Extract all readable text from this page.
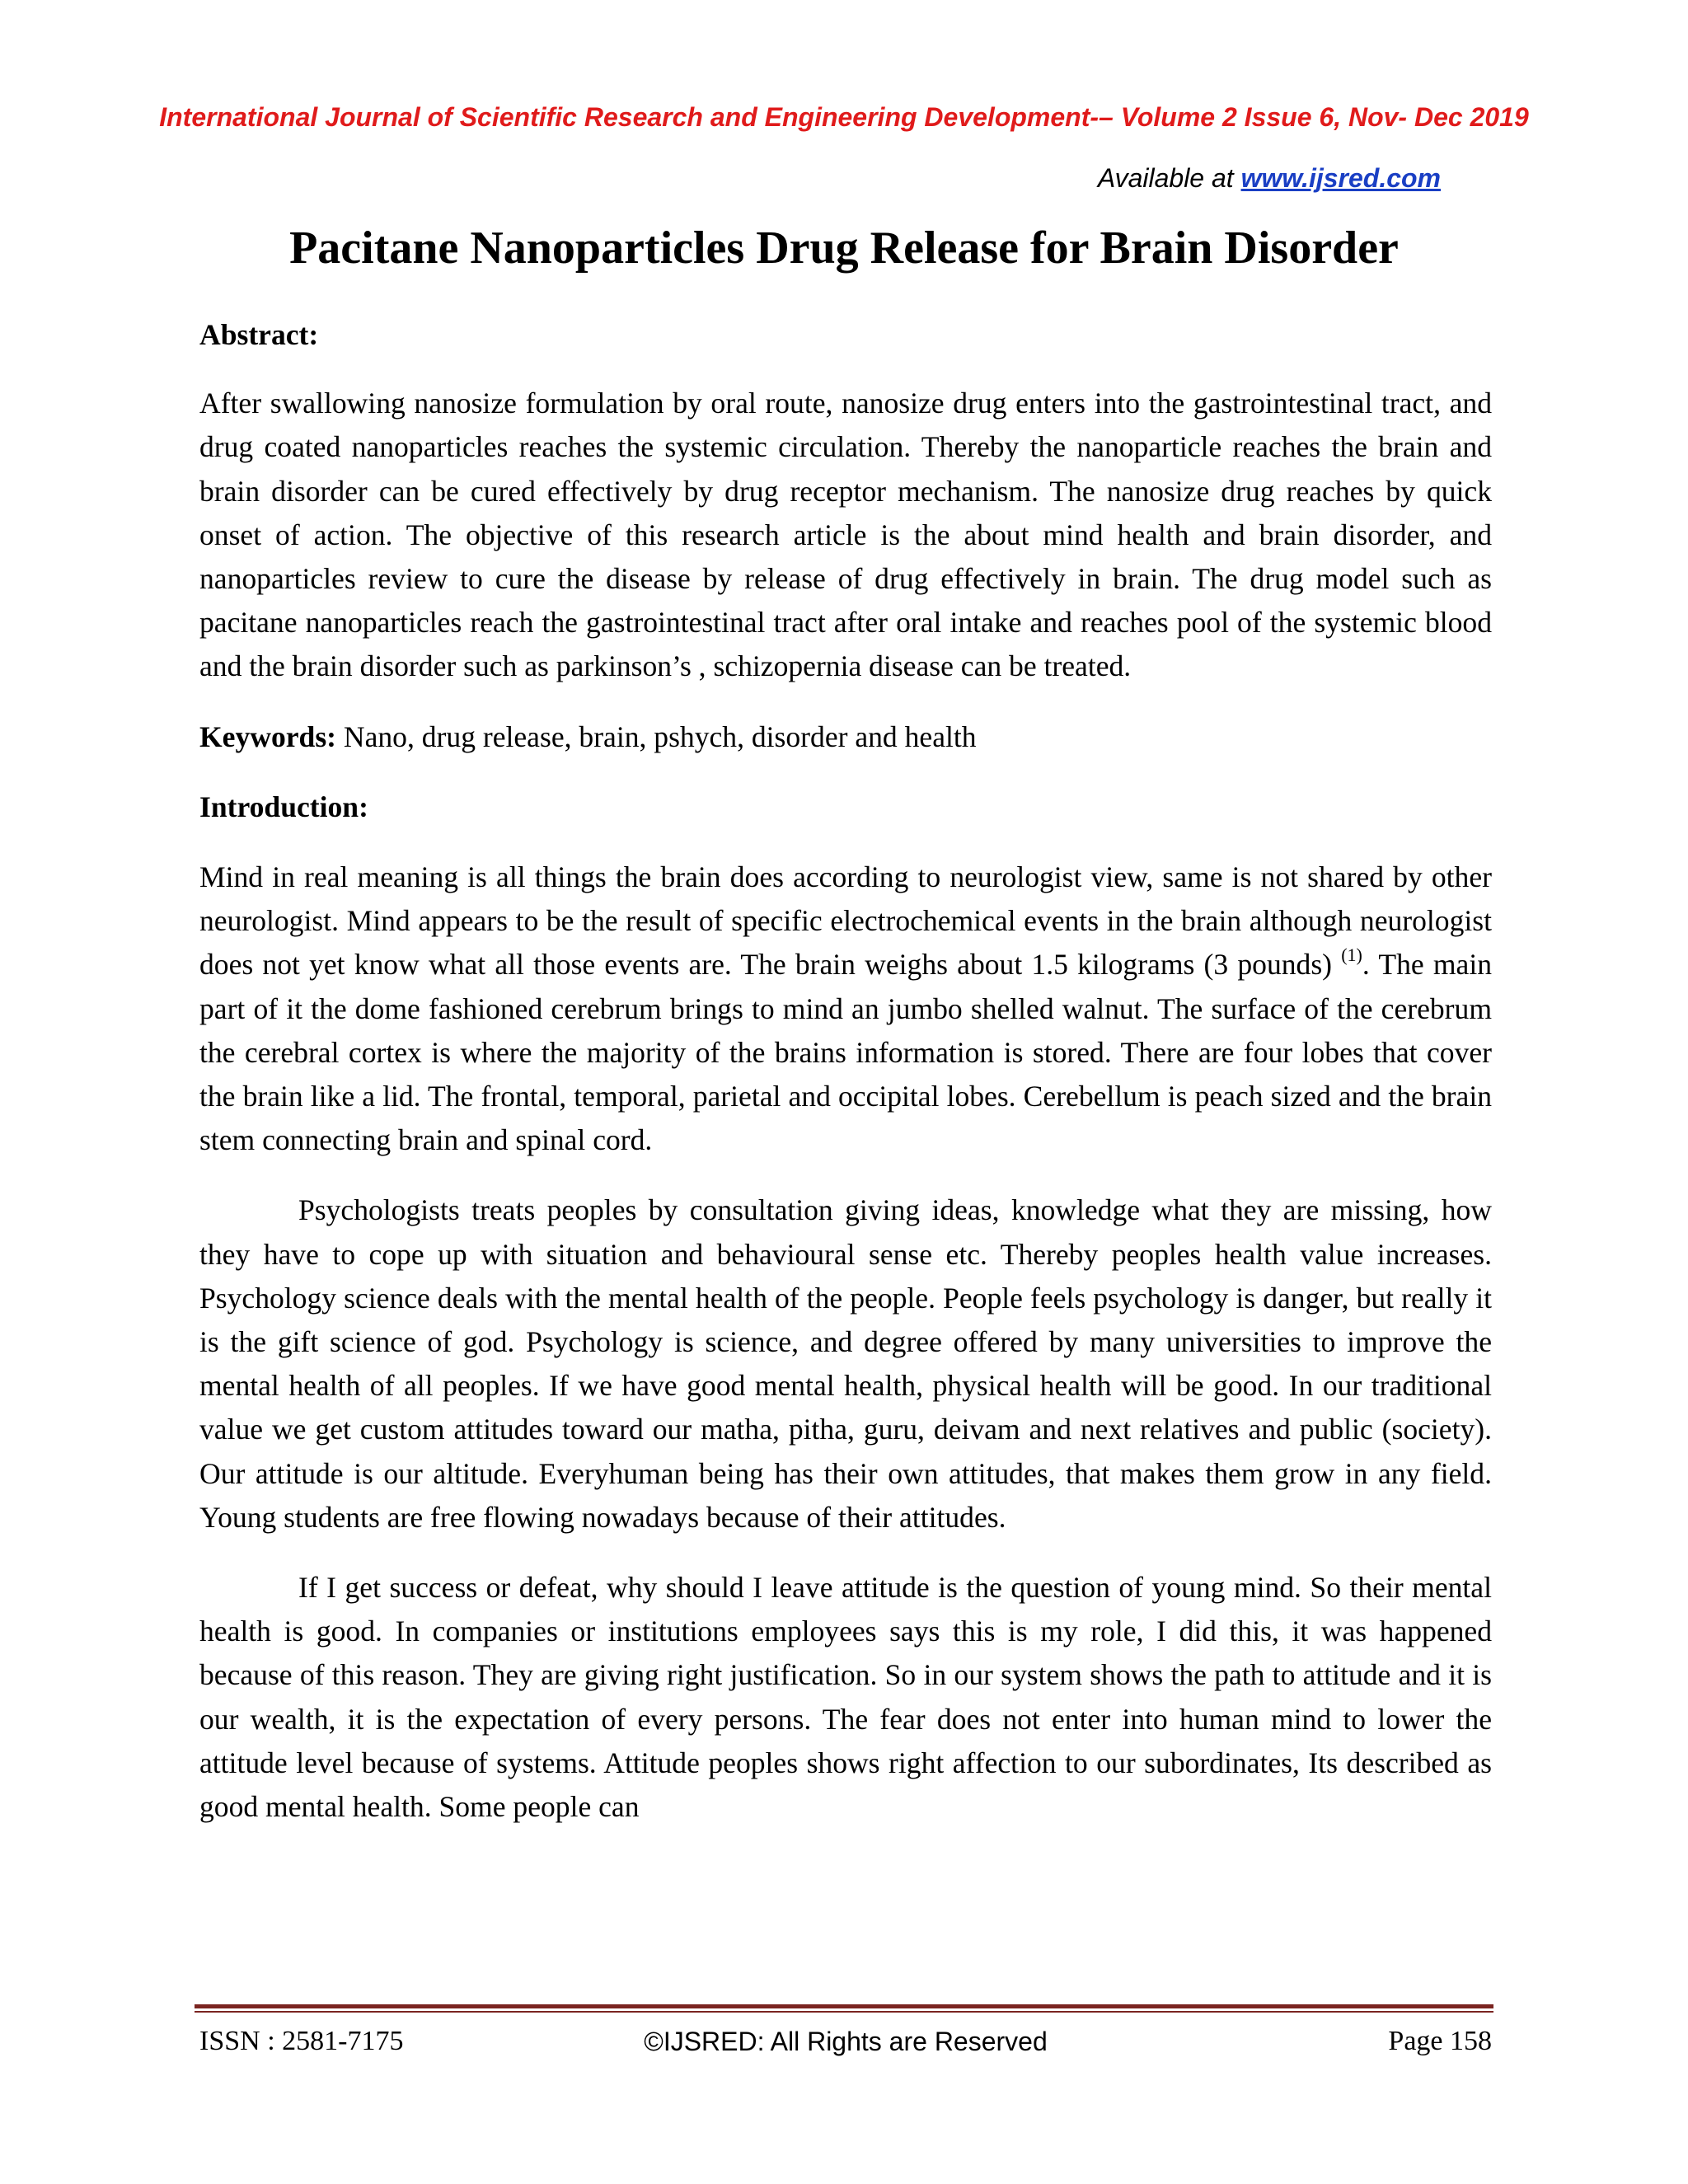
International Journal of Scientific Research and Engineering Development-– Volume 2 Issue 6, Nov- Dec 2019
Available at www.ijsred.com
Pacitane Nanoparticles Drug Release for Brain Disorder

Abstract:

After swallowing nanosize formulation by oral route, nanosize drug enters into the gastrointestinal tract, and drug coated nanoparticles reaches the systemic circulation. Thereby the nanoparticle reaches the brain and brain disorder can be cured effectively by drug receptor mechanism. The nanosize drug reaches by quick onset of action. The objective of this research article is the about mind health and brain disorder, and nanoparticles review to cure the disease by release of drug effectively in brain. The drug model such as pacitane nanoparticles reach the gastrointestinal tract after oral intake and reaches pool of the systemic blood and the brain disorder such as parkinson’s , schizopernia disease can be treated.

Keywords: Nano, drug release, brain, pshych, disorder and health

Introduction:

Mind in real meaning is all things the brain does according to neurologist view, same is not shared by other neurologist. Mind appears to be the result of specific electrochemical events in the brain although neurologist does not yet know what all those events are. The brain weighs about 1.5 kilograms (3 pounds) $^{(1)}$. The main part of it the dome fashioned cerebrum brings to mind an jumbo shelled walnut. The surface of the cerebrum the cerebral cortex is where the majority of the brains information is stored. There are four lobes that cover the brain like a lid. The frontal, temporal, parietal and occipital lobes. Cerebellum is peach sized and the brain stem connecting brain and spinal cord.

Psychologists treats peoples by consultation giving ideas, knowledge what they are missing, how they have to cope up with situation and behavioural sense etc. Thereby peoples health value increases. Psychology science deals with the mental health of the people. People feels psychology is danger, but really it is the gift science of god. Psychology is science, and degree offered by many universities to improve the mental health of all peoples. If we have good mental health, physical health will be good. In our traditional value we get custom attitudes toward our matha, pitha, guru, deivam and next relatives and public (society). Our attitude is our altitude. Everyhuman being has their own attitudes, that makes them grow in any field. Young students are free flowing nowadays because of their attitudes.

If I get success or defeat, why should I leave attitude is the question of young mind. So their mental health is good. In companies or institutions employees says this is my role, I did this, it was happened because of this reason. They are giving right justification. So in our system shows the path to attitude and it is our wealth, it is the expectation of every persons. The fear does not enter into human mind to lower the attitude level because of systems. Attitude peoples shows right affection to our subordinates, Its described as good mental health. Some people can

ISSN : 2581-7175	©IJSRED: All Rights are Reserved	Page 158
